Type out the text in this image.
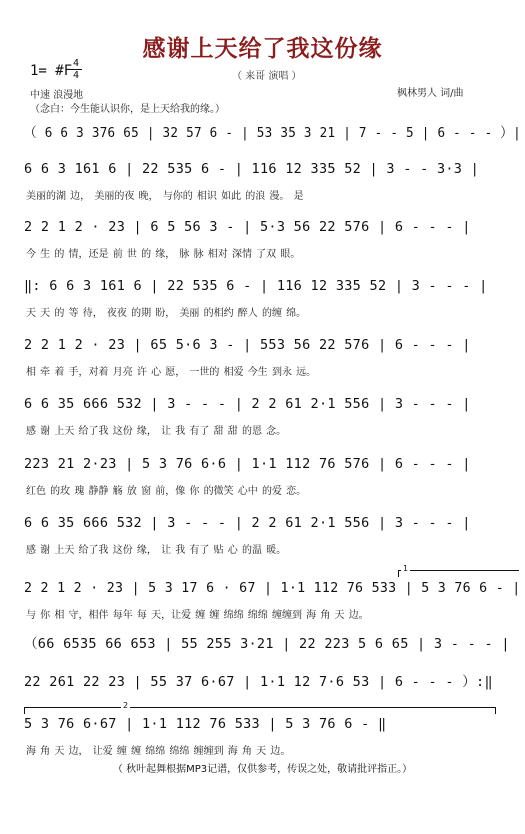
感谢上天给了我这份缘
（ 来哥 演唱 ）
1= #F 4
4
中速 浪漫地
（念白：今生能认识你，是上天给我的缘。）
枫林男人 词/曲
（ 6 6 3 376 65 | 32 57 6 - | 53 35 3 21 | 7 - - 5 | 6 - - - ）|
6 6 3 161 6 | 22 535 6 - | 116 12 335 52 | 3 - - 3·3 |
美丽的湖 边， 美丽的夜 晚， 与你的 相识 如此 的浪 漫。 是
2 2 1 2 · 23 | 6 5 56 3 - | 5·3 56 22 576 | 6 - - - |
今 生 的 情，还是 前 世 的 缘， 脉 脉 相对 深情 了双 眼。
‖: 6 6 3 161 6 | 22 535 6 - | 116 12 335 52 | 3 - - - |
天 天 的 等 待， 夜夜 的期 盼， 美丽 的相约 醉人 的缠 绵。
2 2 1 2 · 23 | 65 5·6 3 - | 553 56 22 576 | 6 - - - |
相 牵 着 手，对着 月亮 许 心 愿， 一世的 相爱 今生 到永 远。
6 6 35 666 532 | 3 - - - | 2 2 61 2·1 556 | 3 - - - |
感 谢 上天 给了我 这份 缘， 让 我 有了 甜 甜 的恩 念。
223 21 2·23 | 5 3 76 6·6 | 1·1 112 76 576 | 6 - - - |
红色 的玫 瑰 静静 觞 放 窗 前，像 你 的微笑 心中 的爱 恋。
6 6 35 666 532 | 3 - - - | 2 2 61 2·1 556 | 3 - - - |
感 谢 上天 给了我 这份 缘， 让 我 有了 贴 心 的温 暖。
1
2 2 1 2 · 23 | 5 3 17 6 · 67 | 1·1 112 76 533 | 5 3 76 6 - |
与 你 相 守，相伴 每年 每 天，让爱 缠 缠 绵绵 绵绵 缠缠到 海 角 天 边。
（66 6535 66 653 | 55 255 3·21 | 22 223 5 6 65 | 3 - - - |
22 261 22 23 | 55 37 6·67 | 1·1 12 7·6 53 | 6 - - - ）:‖
2
5 3 76 6·67 | 1·1 112 76 533 | 5 3 76 6 - ‖
海 角 天 边， 让爱 缠 缠 绵绵 绵绵 缠缠到 海 角 天 边。
（ 秋叶起舞根据MP3记谱，仅供参考，传误之处，敬请批评指正。）
